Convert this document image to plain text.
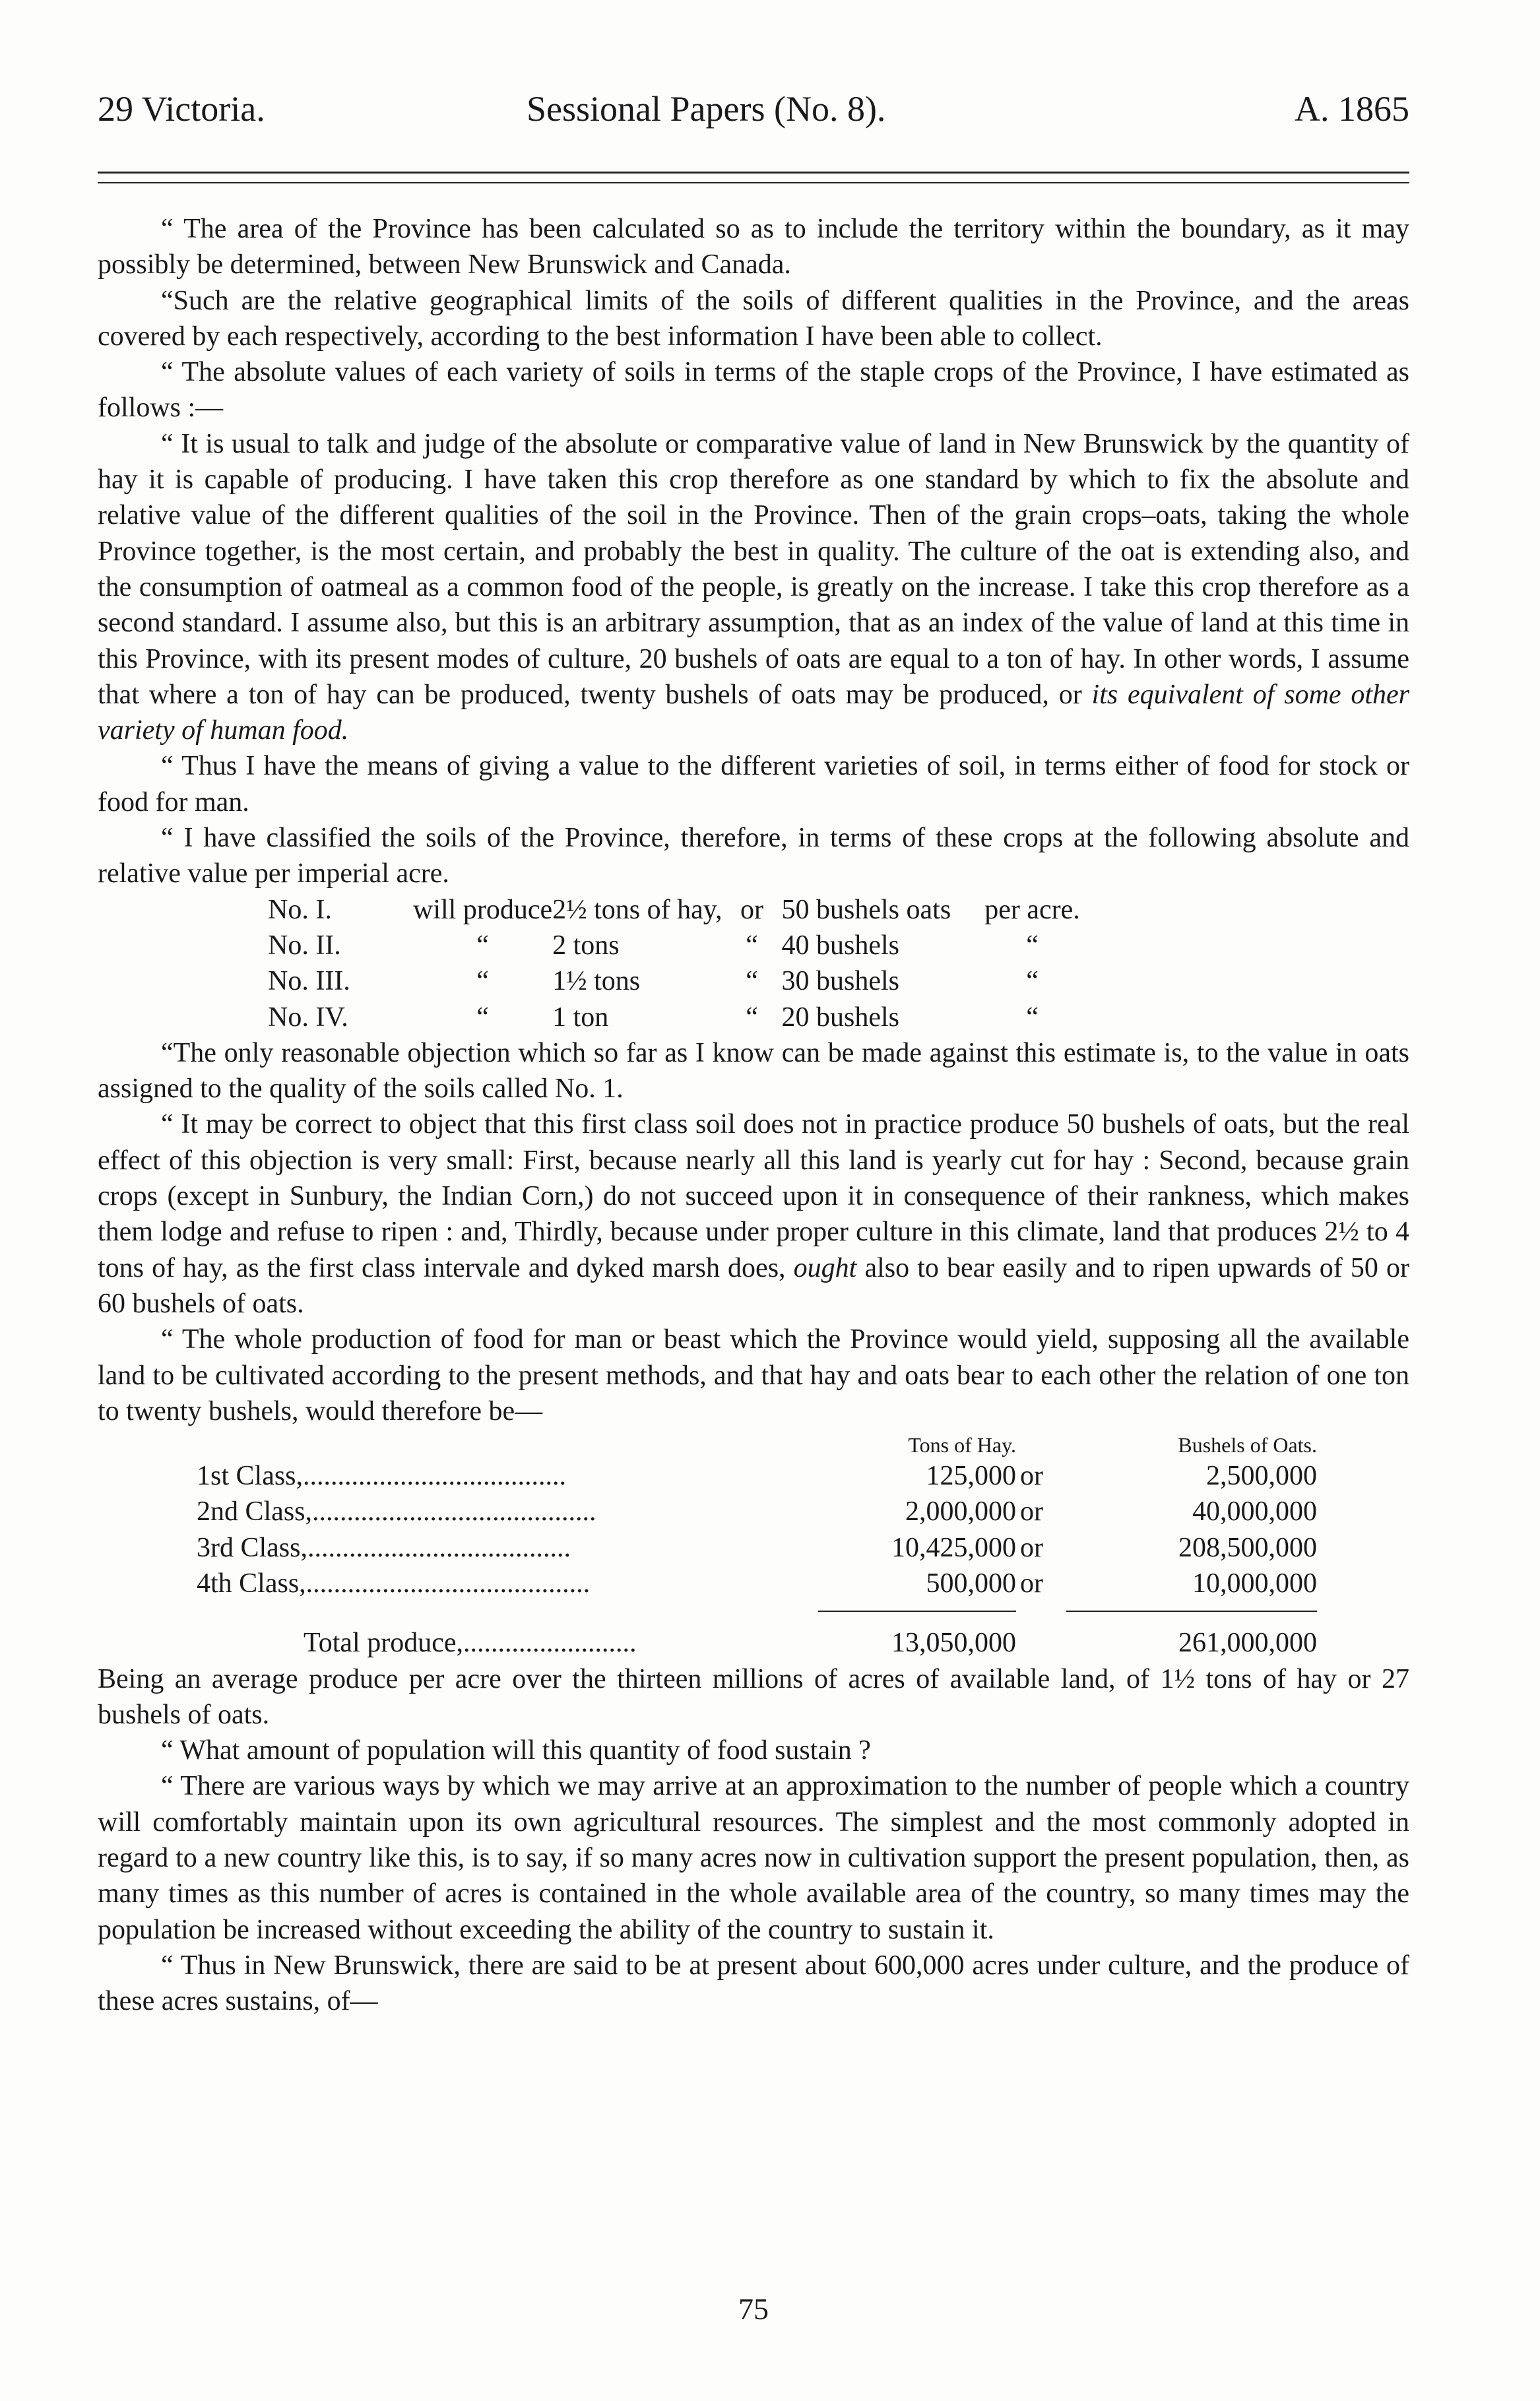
29 Victoria.	Sessional Papers (No. 8).	A. 1865

“ The area of the Province has been calculated so as to include the territory within the boundary, as it may possibly be determined, between New Brunswick and Canada.

“Such are the relative geographical limits of the soils of different qualities in the Province, and the areas covered by each respectively, according to the best information I have been able to collect.

“ The absolute values of each variety of soils in terms of the staple crops of the Province, I have estimated as follows :—

“ It is usual to talk and judge of the absolute or comparative value of land in New Brunswick by the quantity of hay it is capable of producing. I have taken this crop therefore as one standard by which to fix the absolute and relative value of the different qualities of the soil in the Province. Then of the grain crops–oats, taking the whole Province together, is the most certain, and probably the best in quality. The culture of the oat is extending also, and the consumption of oatmeal as a common food of the people, is greatly on the increase. I take this crop therefore as a second standard. I assume also, but this is an arbitrary assumption, that as an index of the value of land at this time in this Province, with its present modes of culture, 20 bushels of oats are equal to a ton of hay. In other words, I assume that where a ton of hay can be produced, twenty bushels of oats may be produced, or its equivalent of some other variety of human food.

“ Thus I have the means of giving a value to the different varieties of soil, in terms either of food for stock or food for man.

“ I have classified the soils of the Province, therefore, in terms of these crops at the following absolute and relative value per imperial acre.

No. I.	will produce	2½ tons of hay,	or	50 bushels oats	per acre.
No. II.	“	2 tons	“	40 bushels	“
No. III.	“	1½ tons	“	30 bushels	“
No. IV.	“	1 ton	“	20 bushels	“

“The only reasonable objection which so far as I know can be made against this estimate is, to the value in oats assigned to the quality of the soils called No. 1.

“ It may be correct to object that this first class soil does not in practice produce 50 bushels of oats, but the real effect of this objection is very small: First, because nearly all this land is yearly cut for hay : Second, because grain crops (except in Sunbury, the Indian Corn,) do not succeed upon it in consequence of their rankness, which makes them lodge and refuse to ripen : and, Thirdly, because under proper culture in this climate, land that produces 2½ to 4 tons of hay, as the first class intervale and dyked marsh does, ought also to bear easily and to ripen upwards of 50 or 60 bushels of oats.

“ The whole production of food for man or beast which the Province would yield, supposing all the available land to be cultivated according to the present methods, and that hay and oats bear to each other the relation of one ton to twenty bushels, would therefore be—

	Tons of Hay.		Bushels of Oats.
1st Class,......................................	125,000	or	2,500,000
2nd Class,.........................................	2,000,000	or	40,000,000
3rd Class,......................................	10,425,000	or	208,500,000
4th Class,.........................................	500,000	or	10,000,000

Total produce,.........................	13,050,000		261,000,000

Being an average produce per acre over the thirteen millions of acres of available land, of 1½ tons of hay or 27 bushels of oats.

“ What amount of population will this quantity of food sustain ?

“ There are various ways by which we may arrive at an approximation to the number of people which a country will comfortably maintain upon its own agricultural resources. The simplest and the most commonly adopted in regard to a new country like this, is to say, if so many acres now in cultivation support the present population, then, as many times as this number of acres is contained in the whole available area of the country, so many times may the population be increased without exceeding the ability of the country to sustain it.

“ Thus in New Brunswick, there are said to be at present about 600,000 acres under culture, and the produce of these acres sustains, of—

75
